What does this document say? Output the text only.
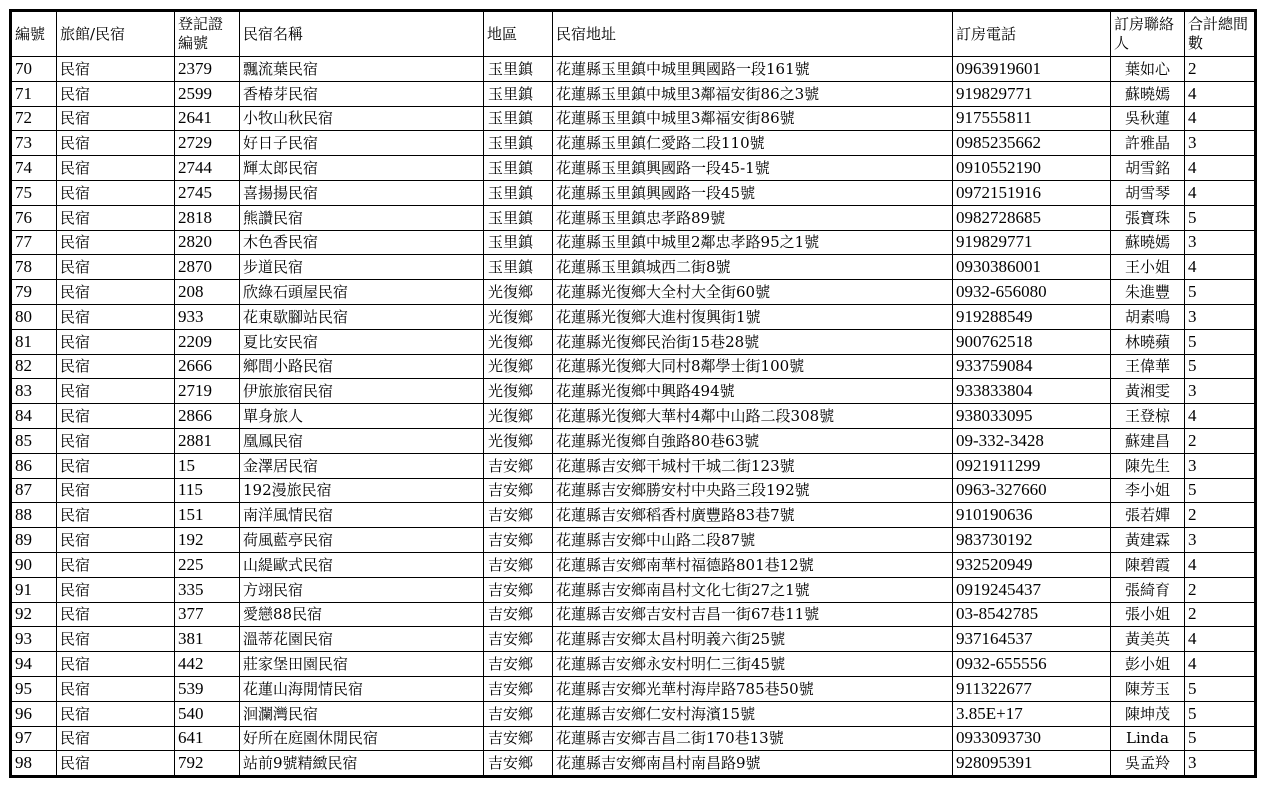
編號	旅館/民宿	登記證編號	民宿名稱	地區	民宿地址	訂房電話	訂房聯絡人	合計總間數
70	民宿	2379	飄流葉民宿	玉里鎮	花蓮縣玉里鎮中城里興國路一段161號	0963919601	葉如心	2
71	民宿	2599	香椿芽民宿	玉里鎮	花蓮縣玉里鎮中城里3鄰福安街86之3號	919829771	蘇曉嫣	4
72	民宿	2641	小牧山秋民宿	玉里鎮	花蓮縣玉里鎮中城里3鄰福安街86號	917555811	吳秋蓮	4
73	民宿	2729	好日子民宿	玉里鎮	花蓮縣玉里鎮仁愛路二段110號	0985235662	許雅晶	3
74	民宿	2744	輝太郎民宿	玉里鎮	花蓮縣玉里鎮興國路一段45-1號	0910552190	胡雪銘	4
75	民宿	2745	喜揚揚民宿	玉里鎮	花蓮縣玉里鎮興國路一段45號	0972151916	胡雪琴	4
76	民宿	2818	熊讚民宿	玉里鎮	花蓮縣玉里鎮忠孝路89號	0982728685	張寶珠	5
77	民宿	2820	木色香民宿	玉里鎮	花蓮縣玉里鎮中城里2鄰忠孝路95之1號	919829771	蘇曉嫣	3
78	民宿	2870	步道民宿	玉里鎮	花蓮縣玉里鎮城西二街8號	0930386001	王小姐	4
79	民宿	208	欣綠石頭屋民宿	光復鄉	花蓮縣光復鄉大全村大全街60號	0932-656080	朱進豐	5
80	民宿	933	花東歇腳站民宿	光復鄉	花蓮縣光復鄉大進村復興街1號	919288549	胡素鳴	3
81	民宿	2209	夏比安民宿	光復鄉	花蓮縣光復鄉民治街15巷28號	900762518	林曉蘋	5
82	民宿	2666	鄉間小路民宿	光復鄉	花蓮縣光復鄉大同村8鄰學士街100號	933759084	王偉華	5
83	民宿	2719	伊旅旅宿民宿	光復鄉	花蓮縣光復鄉中興路494號	933833804	黃湘雯	3
84	民宿	2866	單身旅人	光復鄉	花蓮縣光復鄉大華村4鄰中山路二段308號	938033095	王登椋	4
85	民宿	2881	凰鳳民宿	光復鄉	花蓮縣光復鄉自強路80巷63號	09-332-3428	蘇建昌	2
86	民宿	15	金澤居民宿	吉安鄉	花蓮縣吉安鄉干城村干城二街123號	0921911299	陳先生	3
87	民宿	115	192漫旅民宿	吉安鄉	花蓮縣吉安鄉勝安村中央路三段192號	0963-327660	李小姐	5
88	民宿	151	南洋風情民宿	吉安鄉	花蓮縣吉安鄉稻香村廣豐路83巷7號	910190636	張若嬋	2
89	民宿	192	荷風藍亭民宿	吉安鄉	花蓮縣吉安鄉中山路二段87號	983730192	黃建霖	3
90	民宿	225	山緹歐式民宿	吉安鄉	花蓮縣吉安鄉南華村福德路801巷12號	932520949	陳碧霞	4
91	民宿	335	方翊民宿	吉安鄉	花蓮縣吉安鄉南昌村文化七街27之1號	0919245437	張綺育	2
92	民宿	377	愛戀88民宿	吉安鄉	花蓮縣吉安鄉吉安村吉昌一街67巷11號	03-8542785	張小姐	2
93	民宿	381	溫蒂花園民宿	吉安鄉	花蓮縣吉安鄉太昌村明義六街25號	937164537	黃美英	4
94	民宿	442	莊家堡田園民宿	吉安鄉	花蓮縣吉安鄉永安村明仁三街45號	0932-655556	彭小姐	4
95	民宿	539	花蓮山海閒情民宿	吉安鄉	花蓮縣吉安鄉光華村海岸路785巷50號	911322677	陳芳玉	5
96	民宿	540	洄瀾灣民宿	吉安鄉	花蓮縣吉安鄉仁安村海濱15號	3.85E+17	陳坤茂	5
97	民宿	641	好所在庭園休閒民宿	吉安鄉	花蓮縣吉安鄉吉昌二街170巷13號	0933093730	Linda	5
98	民宿	792	站前9號精緻民宿	吉安鄉	花蓮縣吉安鄉南昌村南昌路9號	928095391	吳孟羚	3
